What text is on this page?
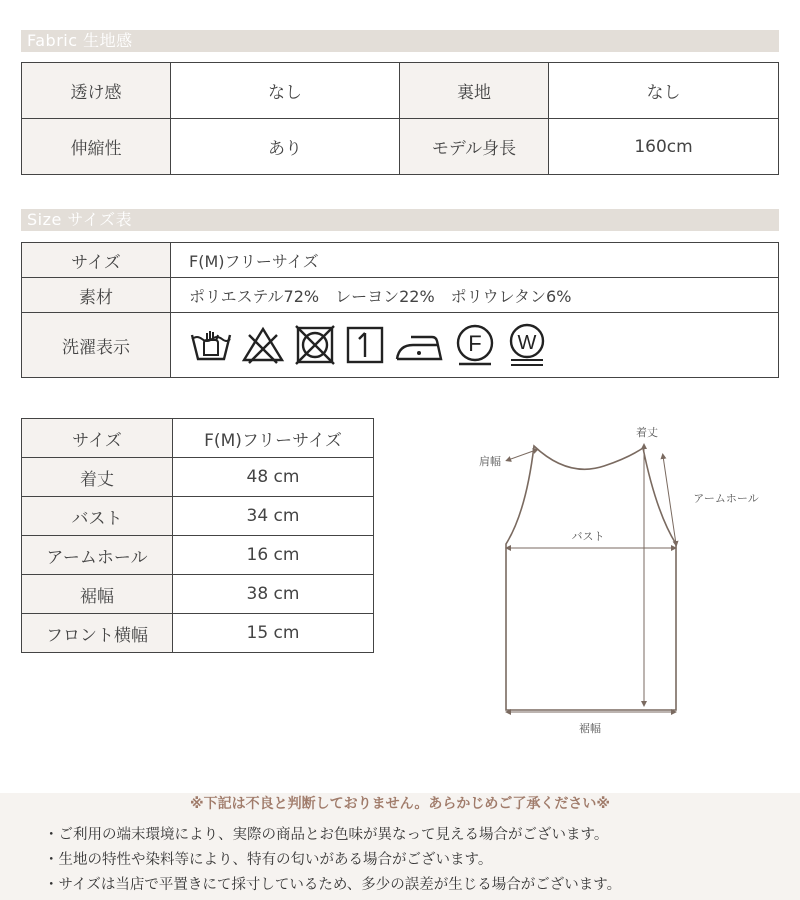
Fabric 生地感
透け感	なし	裏地	なし
伸縮性	あり	モデル身長	160cm
Size サイズ表
サイズ	F(M)フリーサイズ
素材	ポリエステル72%　レーヨン22%　ポリウレタン6%
洗濯表示	F W
サイズ	F(M)フリーサイズ
着丈	48 cm
バスト	34 cm
アームホール	16 cm
裾幅	38 cm
フロント横幅	15 cm
着丈
肩幅
アームホール
バスト
裾幅
※下記は不良と判断しておりません。あらかじめご了承ください※
・ご利用の端末環境により、実際の商品とお色味が異なって見える場合がございます。
・生地の特性や染料等により、特有の匂いがある場合がございます。
・サイズは当店で平置きにて採寸しているため、多少の誤差が生じる場合がございます。
